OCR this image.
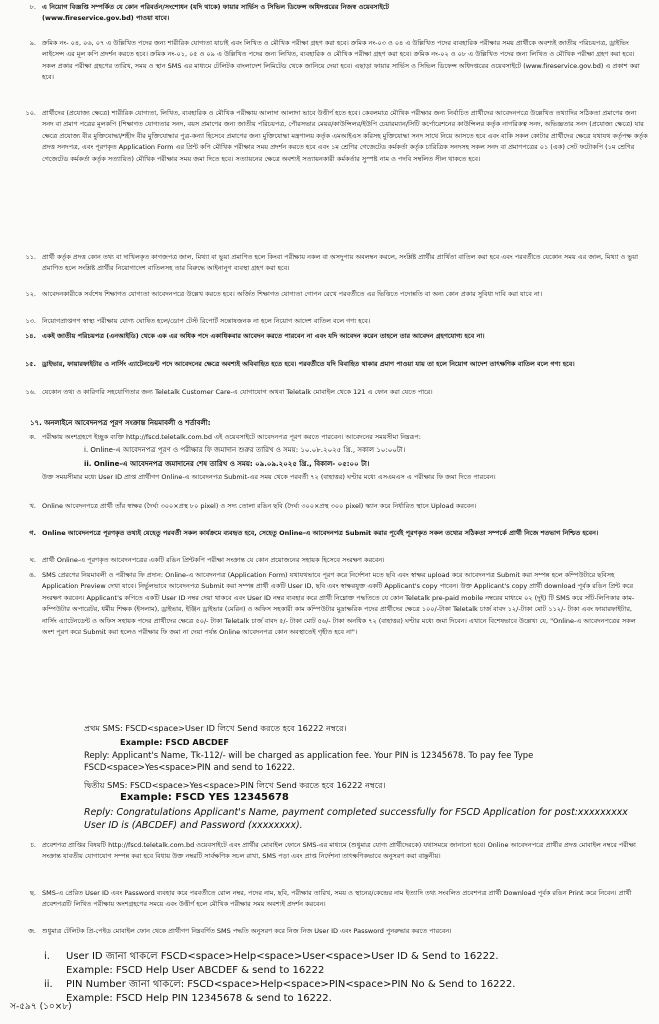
৮. এ নিয়োগ বিজ্ঞপ্তি সম্পর্কিত যে কোন পরিবর্তন/সংশোধন (যদি থাকে) ফায়ার সার্ভিস ও সিভিল ডিফেন্স অধিদপ্তরের নিজস্ব ওয়েবসাইটে
(www.fireservice.gov.bd) পাওয়া যাবে।
৯. ক্রমিক নং- ০৪, ০৬, ০৭ এ উল্লিখিত পদের জন্য শারীরিক যোগ্যতা যাচাই এবং লিখিত ও মৌখিক পরীক্ষা গ্রহণ করা হবে। ক্রমিক নং-০৩ ও ০৪ এ উল্লিখিত পদের ব্যবহারিক পরীক্ষার সময় প্রার্থীকে অবশ্যই জাতীয় পরিচয়পত্র, ড্রাইভিং লাইসেন্স এর মূল কপি প্রদর্শন করতে হবে। ক্রমিক নং-০১, ০৫ ও ০৯ এ উল্লিখিত পদের জন্য লিখিত, ব্যবহারিক ও মৌখিক পরীক্ষা গ্রহণ করা হবে। ক্রমিক নং-০২ ও ০৮ এ উল্লিখিত পদের জন্য লিখিত ও মৌখিক পরীক্ষা গ্রহণ করা হবে। সকল প্রকার পরীক্ষা গ্রহণের তারিখ, সময় ও স্থান SMS এর মাধ্যমে টেলিটক বাংলাদেশ লিমিটেড থেকে জানিয়ে দেয়া হবে। এছাড়া ফায়ার সার্ভিস ও সিভিল ডিফেন্স অধিদপ্তরের ওয়েবসাইটে (www.fireservice.gov.bd) এ প্রকাশ করা হবে।
১০. প্রার্থীদের (প্রযোজ্য ক্ষেত্রে) শারীরিক যোগ্যতা, লিখিত, ব্যবহারিক ও মৌখিক পরীক্ষায় আলাদা আলাদা ভাবে উত্তীর্ণ হতে হবে। কেবলমাত্র মৌখিক পরীক্ষার জন্য নির্বাচিত প্রার্থীদের আবেদনপত্রে উল্লেখিত তথ্যাদির সঠিকতা প্রমাণের জন্য সনদ বা প্রমাণ পত্রের মূলকপি (শিক্ষাগত যোগ্যতার সনদ, বয়স প্রমাণের জন্য জাতীয় পরিচয়পত্র, পৌরসভার মেয়র/কাউন্সিলর/ইউপি চেয়ারম্যান/সিটি কর্পোরেশনের কাউন্সিলর কর্তৃক নাগরিকত্ব সনদ, অভিজ্ঞতার সনদ (প্রযোজ্য ক্ষেত্রে) যার ক্ষেত্রে প্রযোজ্য বীর মুক্তিযোদ্ধা/শহীদ বীর মুক্তিযোদ্ধার পুত্র-কন্যা হিসেবে প্রমাণের জন্য মুক্তিযোদ্ধা মন্ত্রণালয় কর্তৃক এমআইএস করিসহ মুক্তিযোদ্ধা সনদ সাথে নিয়ে আসতে হবে এবং বাকি সকল কোটার প্রার্থীদের ক্ষেত্রে যথাযথ কর্তৃপক্ষ কর্তৃক প্রদত্ত সনদপত্র, এবং পূরণকৃত Application Form এর প্রিন্ট কপি মৌখিক পরীক্ষার সময় প্রদর্শন করতে হবে এবং ১ম শ্রেণির গেজেটেড কর্মকর্তা কর্তৃক চারিত্রিক সনদসহ সকল সনদ বা প্রমাণপত্রের ০১ (এক) সেট ফটোকপি (১ম শ্রেণির গেজেটেড কর্মকর্তা কর্তৃক সত্যায়িত) মৌখিক পরীক্ষার সময় জমা দিতে হবে। সত্যায়নের ক্ষেত্রে অবশ্যই সত্যায়নকারী কর্মকর্তার সুস্পষ্ট নাম ও পদবি সম্বলিত সীল থাকতে হবে।
১১. প্রার্থী কর্তৃক প্রদত্ত কোন তথ্য বা দাখিলকৃত কাগজপত্র জাল, মিথ্যা বা ভুয়া প্রমাণিত হলে কিংবা পরীক্ষায় নকল বা অসদুপায় অবলম্বন করলে, সংশ্লিষ্ট প্রার্থীর প্রার্থিতা বাতিল করা হবে এবং পরবর্তীতে যেকোন সময় এর জাল, মিথ্যা ও ভুয়া প্রমাণিত হলে সংশ্লিষ্ট প্রার্থীর নিয়োগাদেশ বাতিলসহ তার বিরুদ্ধে আইনানুগ ব্যবস্থা গ্রহণ করা হবে।
১২. আবেদনকারীকে সর্বশেষ শিক্ষাগত যোগ্যতা আবেদনপত্রে উল্লেখ করতে হবে। অর্জিত শিক্ষাগত যোগ্যতা গোপন রেখে পরবর্তীতে এর ভিত্তিতে পদোন্নতি বা অন্য কোন প্রকার সুবিধা দাবি করা যাবে না।
১৩. নিয়োগপ্রাপ্তগণ স্বাস্থ্য পরীক্ষায় যোগ্য ঘোষিত হলে/ডোপ টেস্ট রিপোর্ট সন্তোষজনক না হলে নিয়োগ আদেশ বাতিল বলে গণ্য হবে।
১৪. একই জাতীয় পরিচয়পত্র (এনআইডি) থেকে এক এর অধিক পদে একাধিকবার আবেদন করতে পারবেন না এবং যদি আবেদন করেন তাহলে তার আবেদন গ্রহণযোগ্য হবে না।
১৫. ড্রাইভার, ফায়ারফাইটার ও নার্সিং এ্যাটেনডেন্ট পদে আবেদনের ক্ষেত্রে অবশ্যই অবিবাহিত হতে হবে। পরবর্তীতে যদি বিবাহিত থাকার প্রমাণ পাওয়া যায় তা হলে নিয়োগ আদেশ তাৎক্ষণিক বাতিল বলে গণ্য হবে।
১৬. যেকোন তথ্য ও কারিগরি সহযোগিতার জন্য Teletalk Customer Care-এ যোগাযোগ অথবা Teletalk মোবাইল থেকে 121 এ ফোন করা যেতে পারে।
১৭. অনলাইনে আবেদনপত্র পূরণ সংক্রান্ত নিয়মাবলী ও শর্তাবলী:
ক. পরীক্ষায় অংশগ্রহণে ইচ্ছুক ব্যক্তি http://fscd.teletalk.com.bd এই ওয়েবসাইটে আবেদনপত্র পূরণ করতে পারবেন। আবেদনের সময়সীমা নিম্নরূপ:
i. Online-এ আবেদনপত্র পূরণ ও পরীক্ষার ফি জমাদান শুরুর তারিখ ও সময়: ১০.০৮.২০২৫ খ্রি., সকাল ১০:০০টা।
ii. Online-এ আবেদনপত্র জমাদানের শেষ তারিখ ও সময়: ০৯.০৯.২০২৫ খ্রি., বিকাল- ০৫:০০ টা।
উক্ত সময়সীমার মধ্যে User ID প্রাপ্ত প্রার্থীগণ Online-এ আবেদনপত্র Submit-এর সময় থেকে পরবর্তী ৭২ (বাহাত্তর) ঘণ্টার মধ্যে এসএমএস এ পরীক্ষার ফি জমা দিতে পারবেন।
খ. Online আবেদনপত্রে প্রার্থী তাঁর স্বাক্ষর (দৈর্ঘ্য ৩০০×প্রস্থ ৮০ pixel) ও সদ্য তোলা রঙিন ছবি (দৈর্ঘ্য ৩০০×প্রস্থ ৩০০ pixel) স্ক্যান করে নির্ধারিত স্থানে Upload করবেন।
গ. Online আবেদনপত্রে পূরণকৃত তথ্যই যেহেতু পরবর্তী সকল কার্যক্রমে ব্যবহৃত হবে, সেহেতু Online-এ আবেদনপত্র Submit করার পূর্বেই পূরণকৃত সকল তথ্যের সঠিকতা সম্পর্কে প্রার্থী নিজে শতভাগ নিশ্চিত হবেন।
ঘ. প্রার্থী Online-এ পূরণকৃত আবেদনপত্রের একটি রঙিন প্রিন্টকপি পরীক্ষা সংক্রান্ত যে কোন প্রয়োজনের সহায়ক হিসেবে সংরক্ষণ করবেন।
ঙ. SMS প্রেরণের নিয়মাবলী ও পরীক্ষার ফি প্রদান: Online-এ আবেদনপত্র (Application Form) যথাযথভাবে পূরণ করে নির্দেশনা মতে ছবি এবং স্বাক্ষর upload করে আবেদনপত্র Submit করা সম্পন্ন হলে কম্পিউটারে ছবিসহ Application Preview দেখা যাবে। নির্ভুলভাবে আবেদনপত্র Submit করা সম্পন্ন প্রার্থী একটি User ID, ছবি এবং স্বাক্ষরযুক্ত একটি Applicant's copy পাবেন। উক্ত Applicant's copy প্রার্থী download পূর্বক রঙিন প্রিন্ট করে সংরক্ষণ করবেন। Applicant's কপিতে একটি User ID নম্বর দেয়া থাকবে এবং User ID নম্বর ব্যবহার করে প্রার্থী নিম্নোক্ত পদ্ধতিতে যে কোন Teletalk pre-paid mobile নম্বরের মাধ্যমে ০২ (দুই) টি SMS করে সাঁট-লিপিকার কাম-কম্পিউটার অপারেটর, ধর্মীয় শিক্ষক (ইসলাম), ড্রাইভার, ইঞ্জিন ড্রাইভার (মেরিন) ও অফিস সহকারী কাম কম্পিউটার মুদ্রাক্ষরিক পদের প্রার্থীদের ক্ষেত্রে ১০০/-টাকা Teletalk চার্জ বাবদ ১২/-টাকা মোট ১১২/- টাকা এবং ফায়ারফাইটার, নার্সিং এ্যাটেনডেন্ট ও অফিস সহায়ক পদের প্রার্থীদের ক্ষেত্রে ৫০/- টাকা Teletalk চার্জ বাবদ ৫/- টাকা মোট ৫৬/- টাকা অনধিক ৭২ (বাহাত্তর) ঘণ্টার মধ্যে জমা দিবেন। এখানে বিশেষভাবে উল্লেখ্য যে, "Online-এ আবেদনপত্রের সকল অংশ পূরণ করে Submit করা হলেও পরীক্ষার ফি জমা না দেয়া পর্যন্ত Online আবেদনপত্র কোন অবস্থাতেই গৃহীত হবে না"।
প্রথম SMS: FSCD<space>User ID লিখে Send করতে হবে 16222 নম্বরে।
Example: FSCD ABCDEF
Reply: Applicant's Name, Tk-112/- will be charged as application fee. Your PIN is 12345678. To pay fee Type FSCD<space>Yes<space>PIN and send to 16222.
দ্বিতীয় SMS: FSCD<space>Yes<space>PIN লিখে Send করতে হবে 16222 নম্বরে।
Example: FSCD YES 12345678
Reply: Congratulations Applicant's Name, payment completed successfully for FSCD Application for post:xxxxxxxxx User ID is (ABCDEF) and Password (xxxxxxxx).
চ. প্রবেশপত্র প্রাপ্তির বিষয়টি http://fscd.teletalk.com.bd ওয়েবসাইটে এবং প্রার্থীর মোবাইল ফোনে SMS-এর মাধ্যমে (শুধুমাত্র যোগ্য প্রার্থীদেরকে) যথাসময়ে জানানো হবে। Online আবেদনপত্রে প্রার্থীর প্রদত্ত মোবাইল নম্বরে পরীক্ষা সংক্রান্ত যাবতীয় যোগাযোগ সম্পন্ন করা হবে বিধায় উক্ত নম্বরটি সার্বক্ষণিক সচল রাখা, SMS পড়া এবং প্রাপ্ত নির্দেশনা তাৎক্ষণিকভাবে অনুসরণ করা বাঞ্ছনীয়।
ছ. SMS-এ প্রেরিত User ID এবং Password ব্যবহার করে পরবর্তীতে রোল নম্বর, পদের নাম, ছবি, পরীক্ষার তারিখ, সময় ও স্থানের/কেন্দ্রের নাম ইত্যাদি তথ্য সংবলিত প্রবেশপত্র প্রার্থী Download পূর্বক রঙিন Print করে নিবেন। প্রার্থী প্রবেশপত্রটি লিখিত পরীক্ষায় অংশগ্রহণের সময়ে এবং উত্তীর্ণ হলে মৌখিক পরীক্ষার সময় অবশ্যই প্রদর্শন করবেন।
জ. শুধুমাত্র টেলিটক প্রি-পেইড মোবাইল ফোন থেকে প্রার্থীগণ নিম্নবর্ণিত SMS পদ্ধতি অনুসরণ করে নিজ নিজ User ID এবং Password পুনরুদ্ধার করতে পারবেন।
i. User ID জানা থাকলে FSCD<space>Help<space>User<space>User ID & Send to 16222.
Example: FSCD Help User ABCDEF & send to 16222
ii. PIN Number জানা থাকলে: FSCD<space>Help<space>PIN<space>PIN No & Send to 16222.
Example: FSCD Help PIN 12345678 & send to 16222.
স-৫৯৭ (১০×৮)
